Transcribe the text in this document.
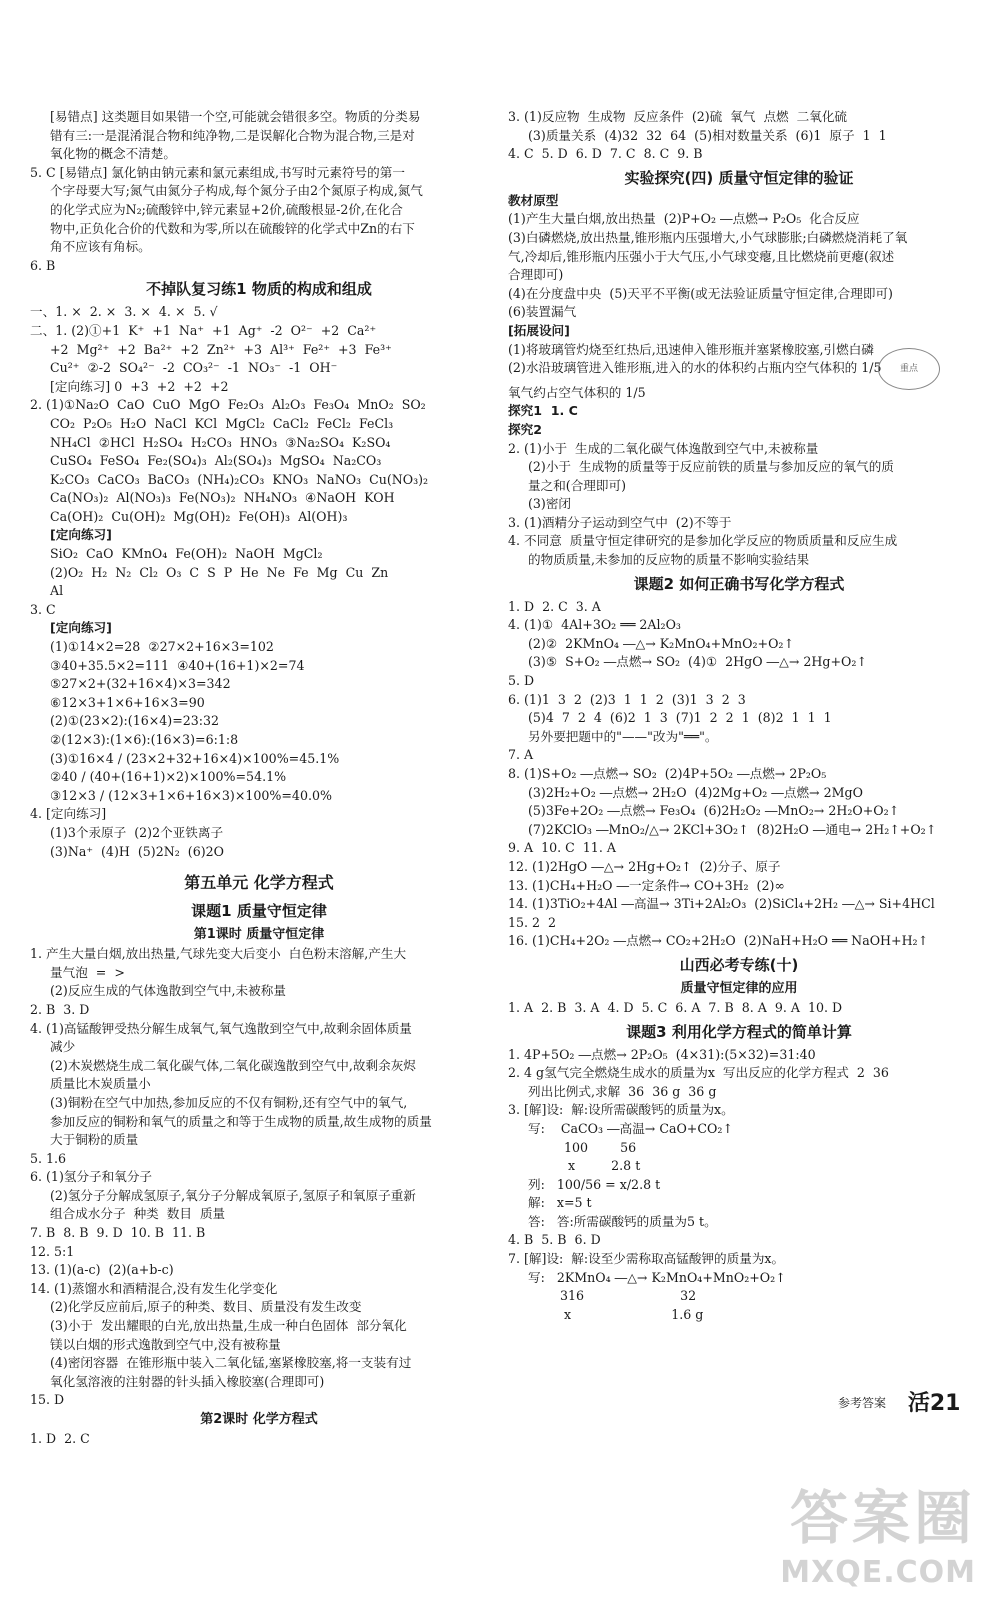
[易错点] 这类题目如果错一个空,可能就会错很多空。物质的分类易
错有三:一是混淆混合物和纯净物,二是误解化合物为混合物,三是对
氧化物的概念不清楚。
5. C [易错点] 氯化钠由钠元素和氯元素组成,书写时元素符号的第一
个字母要大写;氮气由氮分子构成,每个氮分子由2个氮原子构成,氮气
的化学式应为N₂;硫酸锌中,锌元素显+2价,硫酸根显-2价,在化合
物中,正负化合价的代数和为零,所以在硫酸锌的化学式中Zn的右下
角不应该有角标。
6. B
不掉队复习练1 物质的构成和组成
一、1. ×  2. ×  3. ×  4. ×  5. √
二、1. (2)①+1  K⁺  +1  Na⁺  +1  Ag⁺  -2  O²⁻  +2  Ca²⁺
+2  Mg²⁺  +2  Ba²⁺  +2  Zn²⁺  +3  Al³⁺  Fe²⁺  +3  Fe³⁺
Cu²⁺  ②-2  SO₄²⁻  -2  CO₃²⁻  -1  NO₃⁻  -1  OH⁻
[定向练习] 0  +3  +2  +2  +2
2. (1)①Na₂O  CaO  CuO  MgO  Fe₂O₃  Al₂O₃  Fe₃O₄  MnO₂  SO₂
CO₂  P₂O₅  H₂O  NaCl  KCl  MgCl₂  CaCl₂  FeCl₂  FeCl₃
NH₄Cl  ②HCl  H₂SO₄  H₂CO₃  HNO₃  ③Na₂SO₄  K₂SO₄
CuSO₄  FeSO₄  Fe₂(SO₄)₃  Al₂(SO₄)₃  MgSO₄  Na₂CO₃
K₂CO₃  CaCO₃  BaCO₃  (NH₄)₂CO₃  KNO₃  NaNO₃  Cu(NO₃)₂
Ca(NO₃)₂  Al(NO₃)₃  Fe(NO₃)₂  NH₄NO₃  ④NaOH  KOH
Ca(OH)₂  Cu(OH)₂  Mg(OH)₂  Fe(OH)₃  Al(OH)₃
[定向练习]
SiO₂  CaO  KMnO₄  Fe(OH)₂  NaOH  MgCl₂
(2)O₂  H₂  N₂  Cl₂  O₃  C  S  P  He  Ne  Fe  Mg  Cu  Zn
Al
3. C
[定向练习]
(1)①14×2=28  ②27×2+16×3=102
③40+35.5×2=111  ④40+(16+1)×2=74
⑤27×2+(32+16×4)×3=342
⑥12×3+1×6+16×3=90
(2)①(23×2):(16×4)=23:32
②(12×3):(1×6):(16×3)=6:1:8
(3)①16×4 / (23×2+32+16×4)×100%=45.1%
②40 / (40+(16+1)×2)×100%=54.1%
③12×3 / (12×3+1×6+16×3)×100%=40.0%
4. [定向练习]
(1)3个汞原子  (2)2个亚铁离子
(3)Na⁺  (4)H  (5)2N₂  (6)2O
第五单元 化学方程式
课题1 质量守恒定律
第1课时 质量守恒定律
1. 产生大量白烟,放出热量,气球先变大后变小  白色粉末溶解,产生大
量气泡  =  >
(2)反应生成的气体逸散到空气中,未被称量
2. B  3. D
4. (1)高锰酸钾受热分解生成氧气,氧气逸散到空气中,故剩余固体质量
减少
(2)木炭燃烧生成二氧化碳气体,二氧化碳逸散到空气中,故剩余灰烬
质量比木炭质量小
(3)铜粉在空气中加热,参加反应的不仅有铜粉,还有空气中的氧气,
参加反应的铜粉和氧气的质量之和等于生成物的质量,故生成物的质量
大于铜粉的质量
5. 1.6
6. (1)氢分子和氧分子
(2)氢分子分解成氢原子,氧分子分解成氧原子,氢原子和氧原子重新
组合成水分子  种类  数目  质量
7. B  8. B  9. D  10. B  11. B
12. 5:1
13. (1)(a-c)  (2)(a+b-c)
14. (1)蒸馏水和酒精混合,没有发生化学变化
(2)化学反应前后,原子的种类、数目、质量没有发生改变
(3)小于  发出耀眼的白光,放出热量,生成一种白色固体  部分氧化
镁以白烟的形式逸散到空气中,没有被称量
(4)密闭容器  在锥形瓶中装入二氧化锰,塞紧橡胶塞,将一支装有过
氧化氢溶液的注射器的针头插入橡胶塞(合理即可)
15. D
第2课时 化学方程式
1. D  2. C
3. (1)反应物  生成物  反应条件  (2)硫  氧气  点燃  二氧化硫
(3)质量关系  (4)32  32  64  (5)相对数量关系  (6)1  原子  1  1
4. C  5. D  6. D  7. C  8. C  9. B
实验探究(四) 质量守恒定律的验证
教材原型
(1)产生大量白烟,放出热量  (2)P+O₂ ―点燃→ P₂O₅  化合反应
(3)白磷燃烧,放出热量,锥形瓶内压强增大,小气球膨胀;白磷燃烧消耗了氧
气,冷却后,锥形瓶内压强小于大气压,小气球变瘪,且比燃烧前更瘪(叙述
合理即可)
(4)在分度盘中央  (5)天平不平衡(或无法验证质量守恒定律,合理即可)
(6)装置漏气
[拓展设问]
(1)将玻璃管灼烧至红热后,迅速伸入锥形瓶并塞紧橡胶塞,引燃白磷
(2)水沿玻璃管进入锥形瓶,进入的水的体积约占瓶内空气体积的 1/5
氧气约占空气体积的 1/5
探究1  1. C
探究2
2. (1)小于  生成的二氧化碳气体逸散到空气中,未被称量
(2)小于  生成物的质量等于反应前铁的质量与参加反应的氧气的质
量之和(合理即可)
(3)密闭
3. (1)酒精分子运动到空气中  (2)不等于
4. 不同意  质量守恒定律研究的是参加化学反应的物质质量和反应生成
的物质质量,未参加的反应物的质量不影响实验结果
课题2 如何正确书写化学方程式
1. D  2. C  3. A
4. (1)①  4Al+3O₂ ══ 2Al₂O₃
(2)②  2KMnO₄ ―△→ K₂MnO₄+MnO₂+O₂↑
(3)⑤  S+O₂ ―点燃→ SO₂  (4)①  2HgO ―△→ 2Hg+O₂↑
5. D
6. (1)1  3  2  (2)3  1  1  2  (3)1  3  2  3
(5)4  7  2  4  (6)2  1  3  (7)1  2  2  1  (8)2  1  1  1
另外要把题中的"——"改为"══"。
7. A
8. (1)S+O₂ ―点燃→ SO₂  (2)4P+5O₂ ―点燃→ 2P₂O₅
(3)2H₂+O₂ ―点燃→ 2H₂O  (4)2Mg+O₂ ―点燃→ 2MgO
(5)3Fe+2O₂ ―点燃→ Fe₃O₄  (6)2H₂O₂ ―MnO₂→ 2H₂O+O₂↑
(7)2KClO₃ ―MnO₂/△→ 2KCl+3O₂↑  (8)2H₂O ―通电→ 2H₂↑+O₂↑
9. A  10. C  11. A
12. (1)2HgO ―△→ 2Hg+O₂↑  (2)分子、原子
13. (1)CH₄+H₂O ―一定条件→ CO+3H₂  (2)∞
14. (1)3TiO₂+4Al ―高温→ 3Ti+2Al₂O₃  (2)SiCl₄+2H₂ ―△→ Si+4HCl
15. 2  2
16. (1)CH₄+2O₂ ―点燃→ CO₂+2H₂O  (2)NaH+H₂O ══ NaOH+H₂↑
山西必考专练(十)
质量守恒定律的应用
1. A  2. B  3. A  4. D  5. C  6. A  7. B  8. A  9. A  10. D
课题3 利用化学方程式的简单计算
1. 4P+5O₂ ―点燃→ 2P₂O₅  (4×31):(5×32)=31:40
2. 4 g氢气完全燃烧生成水的质量为x  写出反应的化学方程式  2  36
列出比例式,求解  36  36 g  36 g
3. [解]设:  解:设所需碳酸钙的质量为x。
写:    CaCO₃ ―高温→ CaO+CO₂↑
100        56
x         2.8 t
列:   100/56 = x/2.8 t
解:   x=5 t
答:   答:所需碳酸钙的质量为5 t。
4. B  5. B  6. D
7. [解]设:  解:设至少需称取高锰酸钾的质量为x。
写:   2KMnO₄ ―△→ K₂MnO₄+MnO₂+O₂↑
316                        32
x                         1.6 g
重点
参考答案 活21
答案圈
MXQE.COM
